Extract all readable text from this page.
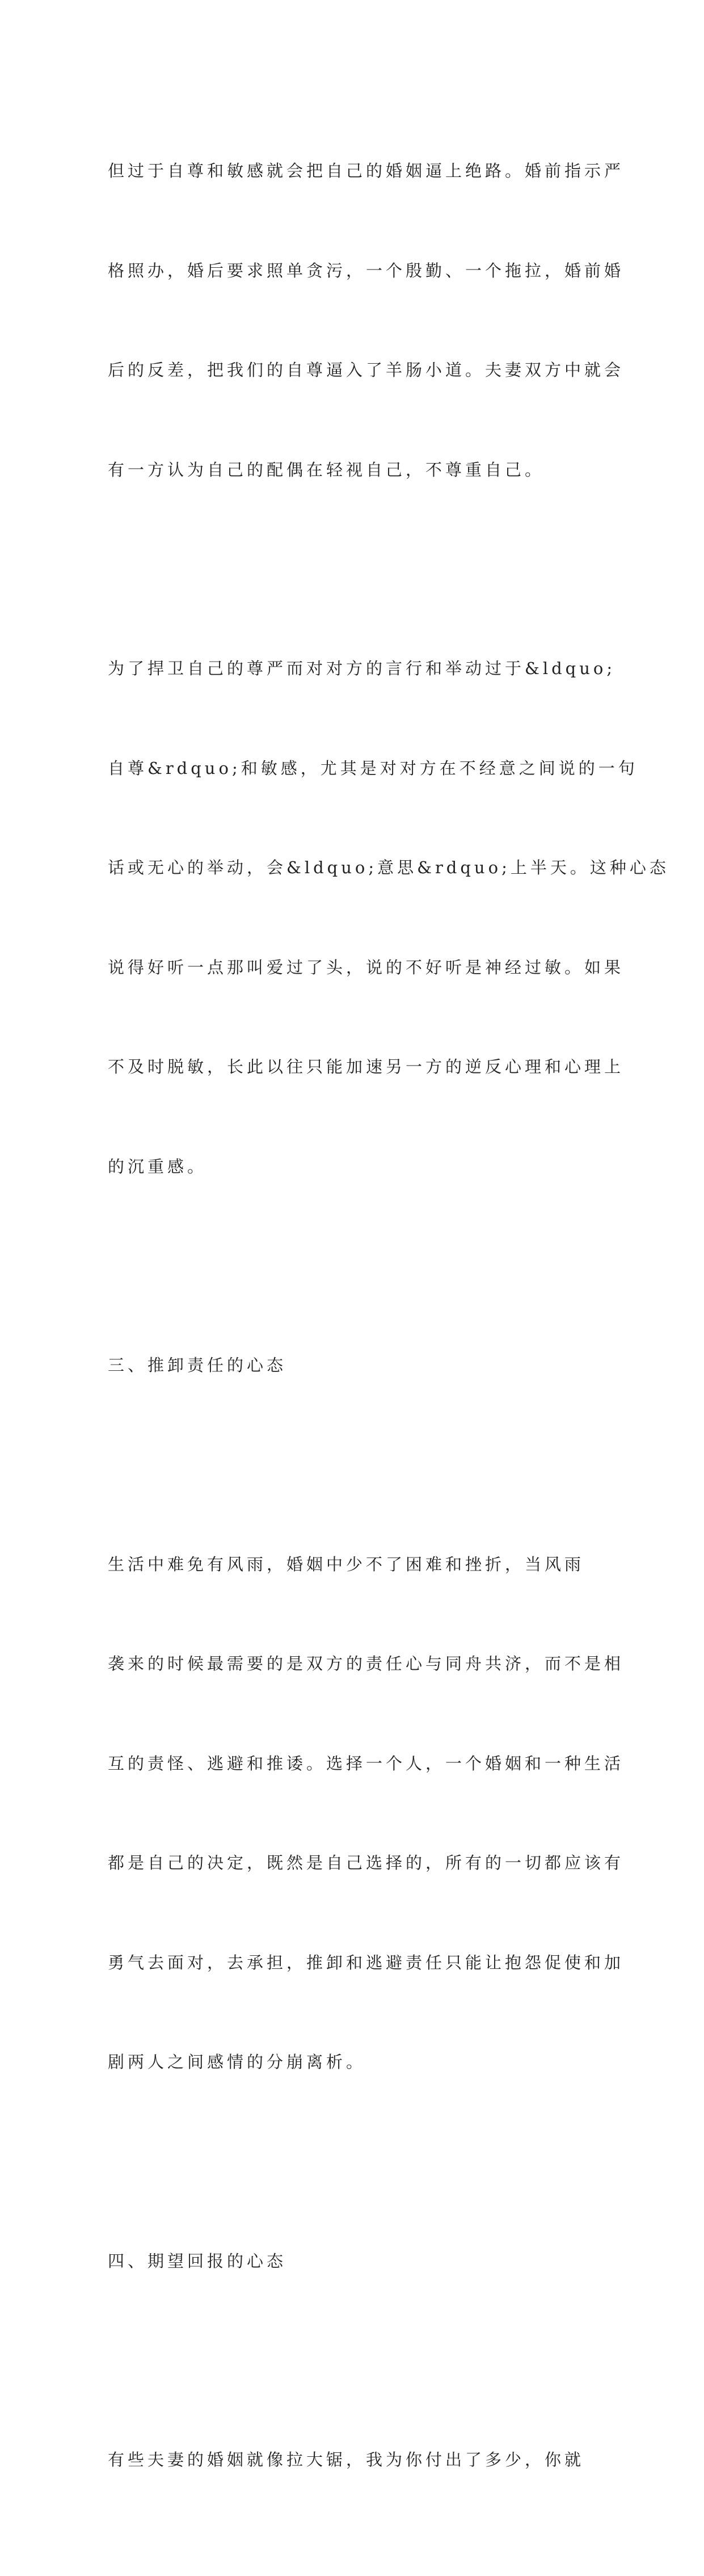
但过于自尊和敏感就会把自己的婚姻逼上绝路。婚前指示严

格照办，婚后要求照单贪污，一个殷勤、一个拖拉，婚前婚

后的反差，把我们的自尊逼入了羊肠小道。夫妻双方中就会

有一方认为自己的配偶在轻视自己，不尊重自己。

为了捍卫自己的尊严而对对方的言行和举动过于&ldquo;

自尊&rdquo;和敏感，尤其是对对方在不经意之间说的一句

话或无心的举动，会&ldquo;意思&rdquo;上半天。这种心态

说得好听一点那叫爱过了头，说的不好听是神经过敏。如果

不及时脱敏，长此以往只能加速另一方的逆反心理和心理上

的沉重感。

三、推卸责任的心态

生活中难免有风雨，婚姻中少不了困难和挫折，当风雨

袭来的时候最需要的是双方的责任心与同舟共济，而不是相

互的责怪、逃避和推诿。选择一个人，一个婚姻和一种生活

都是自己的决定，既然是自己选择的，所有的一切都应该有

勇气去面对，去承担，推卸和逃避责任只能让抱怨促使和加

剧两人之间感情的分崩离析。

四、期望回报的心态

有些夫妻的婚姻就像拉大锯，我为你付出了多少，你就
